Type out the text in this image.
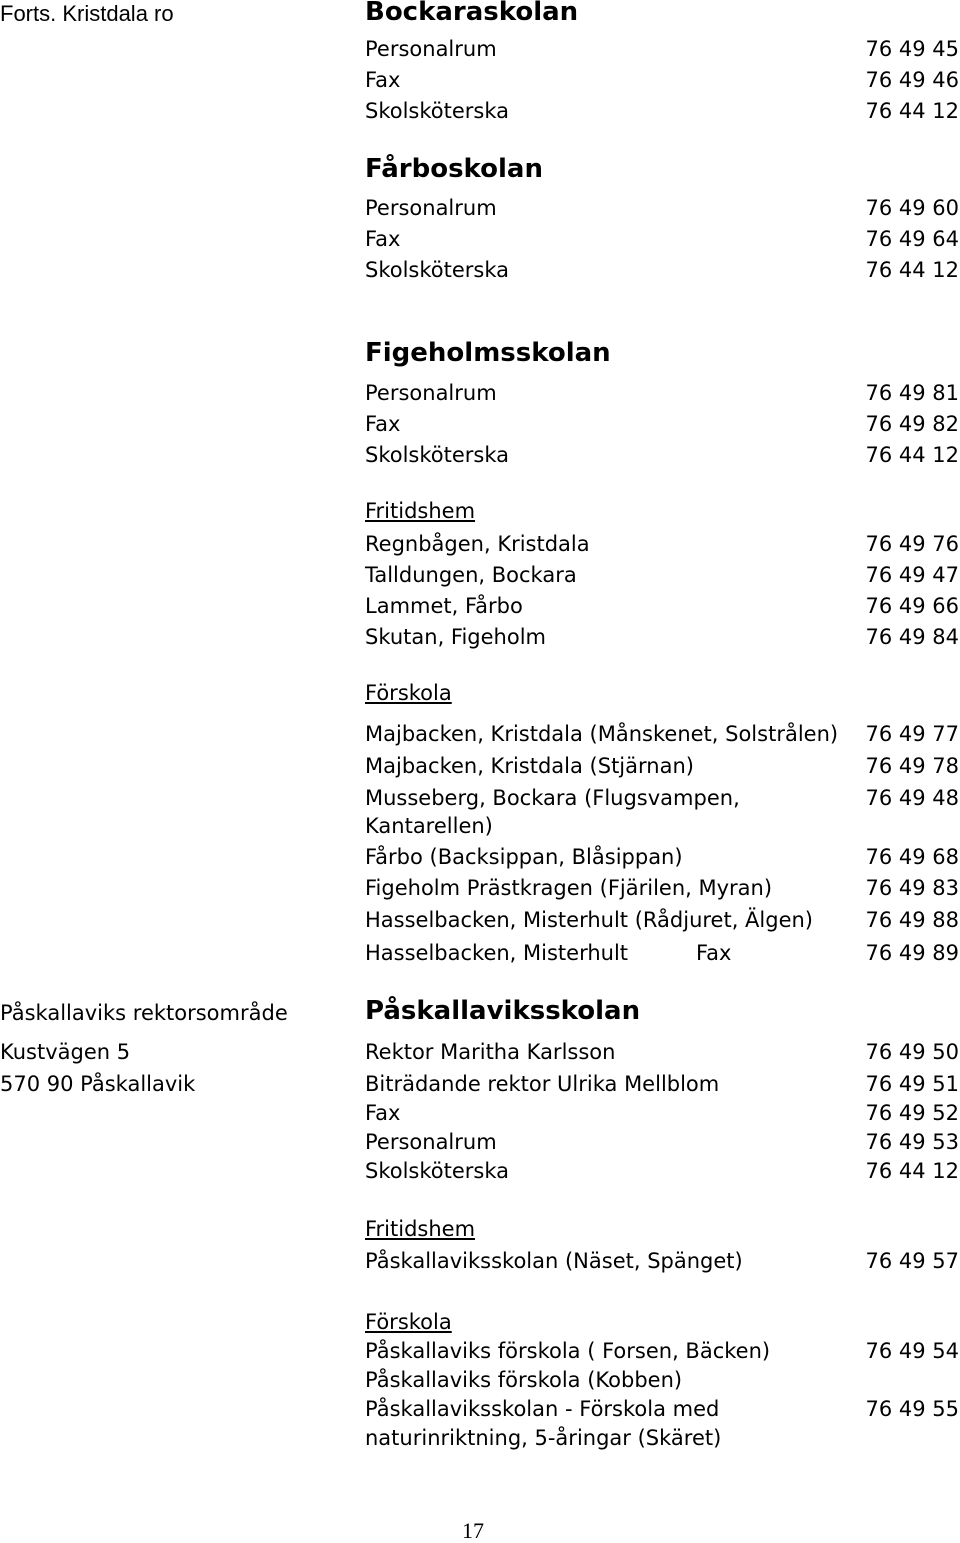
Forts. Kristdala ro
Påskallaviks rektorsområde
Kustvägen 5
570 90 Påskallavik
Bockaraskolan
Personalrum	76 49 45
Fax	76 49 46
Skolsköterska	76 44 12
Fårboskolan
Personalrum	76 49 60
Fax	76 49 64
Skolsköterska	76 44 12
Figeholmsskolan
Personalrum	76 49 81
Fax	76 49 82
Skolsköterska	76 44 12
Fritidshem
Regnbågen, Kristdala	76 49 76
Talldungen, Bockara	76 49 47
Lammet, Fårbo	76 49 66
Skutan, Figeholm	76 49 84
Förskola
Majbacken, Kristdala (Månskenet, Solstrålen) 76 49 77
Majbacken, Kristdala (Stjärnan)	76 49 78
Musseberg, Bockara (Flugsvampen,	76 49 48
Kantarellen)
Fårbo (Backsippan, Blåsippan)	76 49 68
Figeholm Prästkragen (Fjärilen, Myran)	76 49 83
Hasselbacken, Misterhult (Rådjuret, Älgen) 76 49 88
Hasselbacken, Misterhult	Fax	76 49 89
Påskallaviksskolan
Rektor Maritha Karlsson	76 49 50
Biträdande rektor Ulrika Mellblom	76 49 51
Fax	76 49 52
Personalrum	76 49 53
Skolsköterska	76 44 12
Fritidshem
Påskallaviksskolan (Näset, Spänget)	76 49 57
Förskola
Påskallaviks förskola ( Forsen, Bäcken)	76 49 54
Påskallaviks förskola (Kobben)
Påskallaviksskolan - Förskola med	76 49 55
naturinriktning, 5-åringar (Skäret)
17
